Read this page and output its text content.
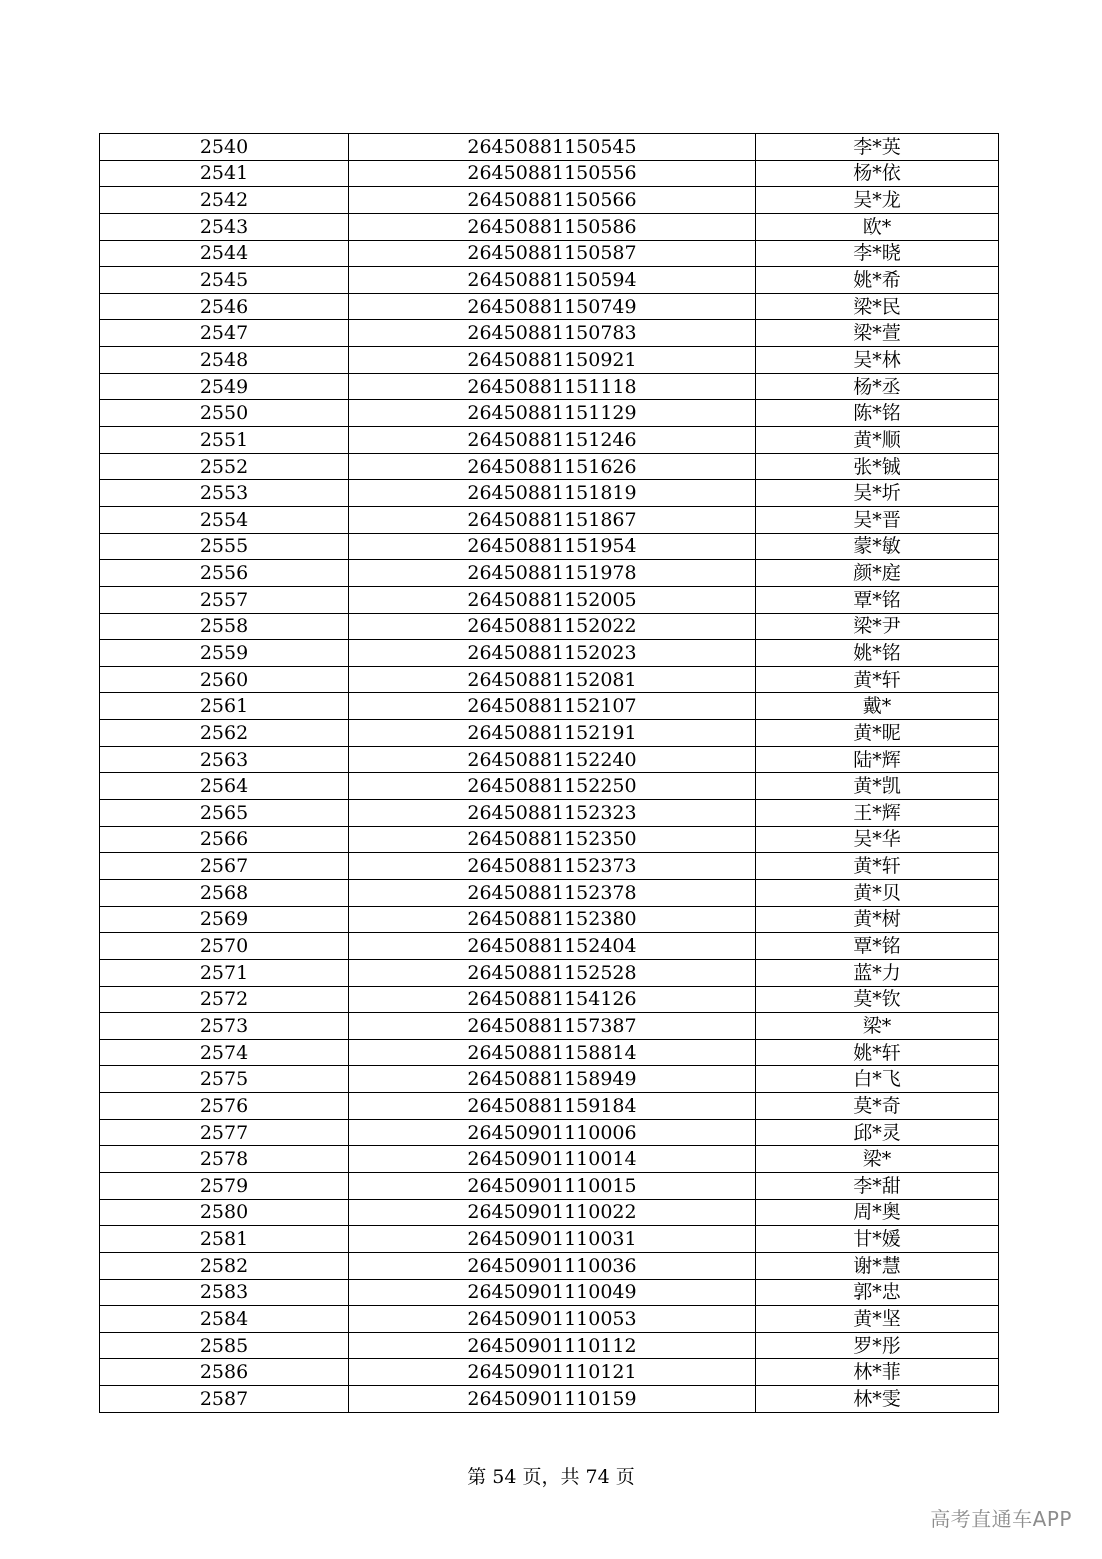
2540	26450881150545	李*英
2541	26450881150556	杨*依
2542	26450881150566	吴*龙
2543	26450881150586	欧*
2544	26450881150587	李*晓
2545	26450881150594	姚*希
2546	26450881150749	梁*民
2547	26450881150783	梁*萱
2548	26450881150921	吴*林
2549	26450881151118	杨*丞
2550	26450881151129	陈*铭
2551	26450881151246	黄*顺
2552	26450881151626	张*铖
2553	26450881151819	吴*圻
2554	26450881151867	吴*晋
2555	26450881151954	蒙*敏
2556	26450881151978	颜*庭
2557	26450881152005	覃*铭
2558	26450881152022	梁*尹
2559	26450881152023	姚*铭
2560	26450881152081	黄*轩
2561	26450881152107	戴*
2562	26450881152191	黄*昵
2563	26450881152240	陆*辉
2564	26450881152250	黄*凯
2565	26450881152323	王*辉
2566	26450881152350	吴*华
2567	26450881152373	黄*轩
2568	26450881152378	黄*贝
2569	26450881152380	黄*树
2570	26450881152404	覃*铭
2571	26450881152528	蓝*力
2572	26450881154126	莫*钦
2573	26450881157387	梁*
2574	26450881158814	姚*轩
2575	26450881158949	白*飞
2576	26450881159184	莫*奇
2577	26450901110006	邱*灵
2578	26450901110014	梁*
2579	26450901110015	李*甜
2580	26450901110022	周*奥
2581	26450901110031	甘*媛
2582	26450901110036	谢*慧
2583	26450901110049	郭*忠
2584	26450901110053	黄*坚
2585	26450901110112	罗*彤
2586	26450901110121	林*菲
2587	26450901110159	林*雯
第 54 页，共 74 页
高考直通车APP
